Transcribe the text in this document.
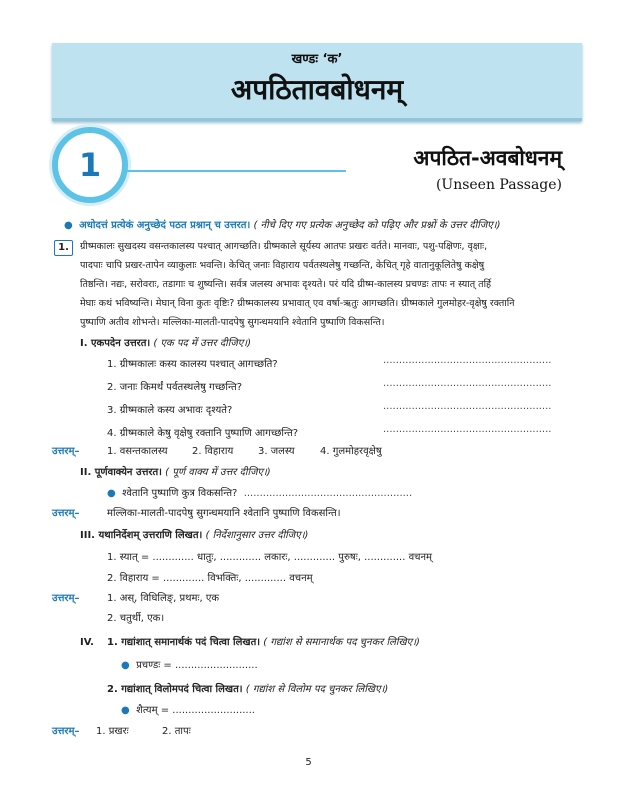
खण्डः ‘क’
अपठितावबोधनम्
1	अपठित-अवबोधनम्
(Unseen Passage)
● अधोदत्तं प्रत्येकं अनुच्छेदं पठत प्रश्नान् च उत्तरत। ( नीचे दिए गए प्रत्येक अनुच्छेद को पढ़िए और प्रश्नों के उत्तर दीजिए।)
1.	ग्रीष्मकालः सुखदस्य वसन्तकालस्य पश्चात् आगच्छति। ग्रीष्मकाले सूर्यस्य आतपः प्रखरः वर्तते। मानवाः, पशु-पक्षिणः, वृक्षाः,
पादपाः चापि प्रखर-तापेन व्याकुलाः भवन्ति। केचित् जनाः विहाराय पर्वतस्थलेषु गच्छन्ति, केचित् गृहे वातानुकूलितेषु कक्षेषु
तिष्ठन्ति। नद्यः, सरोवराः, तडागाः च शुष्यन्ति। सर्वत्र जलस्य अभावः दृश्यते। परं यदि ग्रीष्म-कालस्य प्रचण्डः तापः न स्यात् तर्हि
मेघाः कथं भविष्यन्ति। मेघान् विना कुतः वृष्टिः? ग्रीष्मकालस्य प्रभावात् एव वर्षा-ऋतुः आगच्छति। ग्रीष्मकाले गुलमोहर-वृक्षेषु रक्तानि
पुष्पाणि अतीव शोभन्ते। मल्लिका-मालती-पादपेषु सुगन्धमयानि श्वेतानि पुष्पाणि विकसन्ति।
I. एकपदेन उत्तरत। ( एक पद में उत्तर दीजिए।)
1. ग्रीष्मकालः कस्य कालस्य पश्चात् आगच्छति?	.....................................................
2. जनाः किमर्थं पर्वतस्थलेषु गच्छन्ति?	.....................................................
3. ग्रीष्मकाले कस्य अभावः दृश्यते?	.....................................................
4. ग्रीष्मकाले केषु वृक्षेषु रक्तानि पुष्पाणि आगच्छन्ति?	.....................................................
उत्तरम्–	1. वसन्तकालस्य 2. विहाराय 3. जलस्य	4. गुलमोहरवृक्षेषु
II. पूर्णवाक्येन उत्तरत। ( पूर्ण वाक्य में उत्तर दीजिए।)
● श्वेतानि पुष्पाणि कुत्र विकसन्ति? .....................................................
उत्तरम्–	मल्लिका-मालती-पादपेषु सुगन्धमयानि श्वेतानि पुष्पाणि विकसन्ति।
III. यथानिर्देशम् उत्तराणि लिखत। ( निर्देशानुसार उत्तर दीजिए।)
1. स्यात् = ............. धातुः, ............. लकारः, ............. पुरुषः, ............. वचनम्
2. विहाराय = ............. विभक्तिः, ............. वचनम्
उत्तरम्–	1. अस्, विधिलिङ्, प्रथमः, एक
2. चतुर्थी, एक।
IV. 1. गद्यांशात् समानार्थकं पदं चित्वा लिखत। ( गद्यांश से समानार्थक पद चुनकर लिखिए।)
● प्रचण्डः = ..........................
2. गद्यांशात् विलोमपदं चित्वा लिखत। ( गद्यांश से विलोम पद चुनकर लिखिए।)
● शैत्यम् = ..........................
उत्तरम्– 1. प्रखरः	2. तापः
5
